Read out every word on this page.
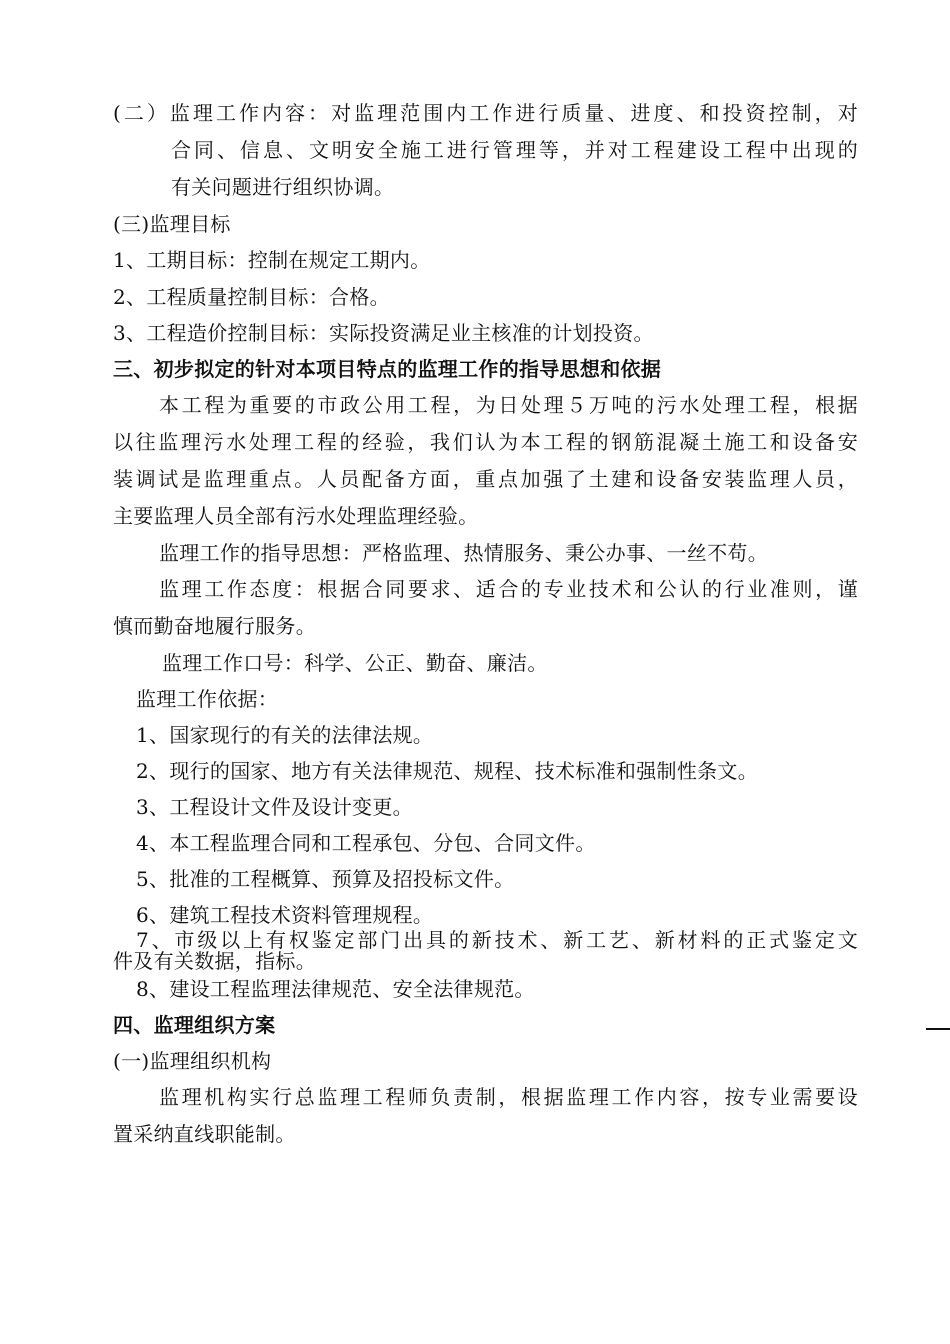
(二）监理工作内容：对监理范围内工作进行质量、进度、和投资控制，对
合同、信息、文明安全施工进行管理等，并对工程建设工程中出现的
有关问题进行组织协调。
(三)监理目标
1、工期目标：控制在规定工期内。
2、工程质量控制目标：合格。
3、工程造价控制目标：实际投资满足业主核准的计划投资。
三、初步拟定的针对本项目特点的监理工作的指导思想和依据
本工程为重要的市政公用工程，为日处理５万吨的污水处理工程，根据
以往监理污水处理工程的经验，我们认为本工程的钢筋混凝土施工和设备安
装调试是监理重点。人员配备方面，重点加强了土建和设备安装监理人员，
主要监理人员全部有污水处理监理经验。
监理工作的指导思想：严格监理、热情服务、秉公办事、一丝不苟。
监理工作态度：根据合同要求、适合的专业技术和公认的行业准则，谨
慎而勤奋地履行服务。
监理工作口号：科学、公正、勤奋、廉洁。
监理工作依据：
1、国家现行的有关的法律法规。
2、现行的国家、地方有关法律规范、规程、技术标准和强制性条文。
3、工程设计文件及设计变更。
4、本工程监理合同和工程承包、分包、合同文件。
5、批准的工程概算、预算及招投标文件。
6、建筑工程技术资料管理规程。
7、市级以上有权鉴定部门出具的新技术、新工艺、新材料的正式鉴定文
件及有关数据，指标。
8、建设工程监理法律规范、安全法律规范。
四、监理组织方案
(一)监理组织机构
监理机构实行总监理工程师负责制，根据监理工作内容，按专业需要设
置采纳直线职能制。
